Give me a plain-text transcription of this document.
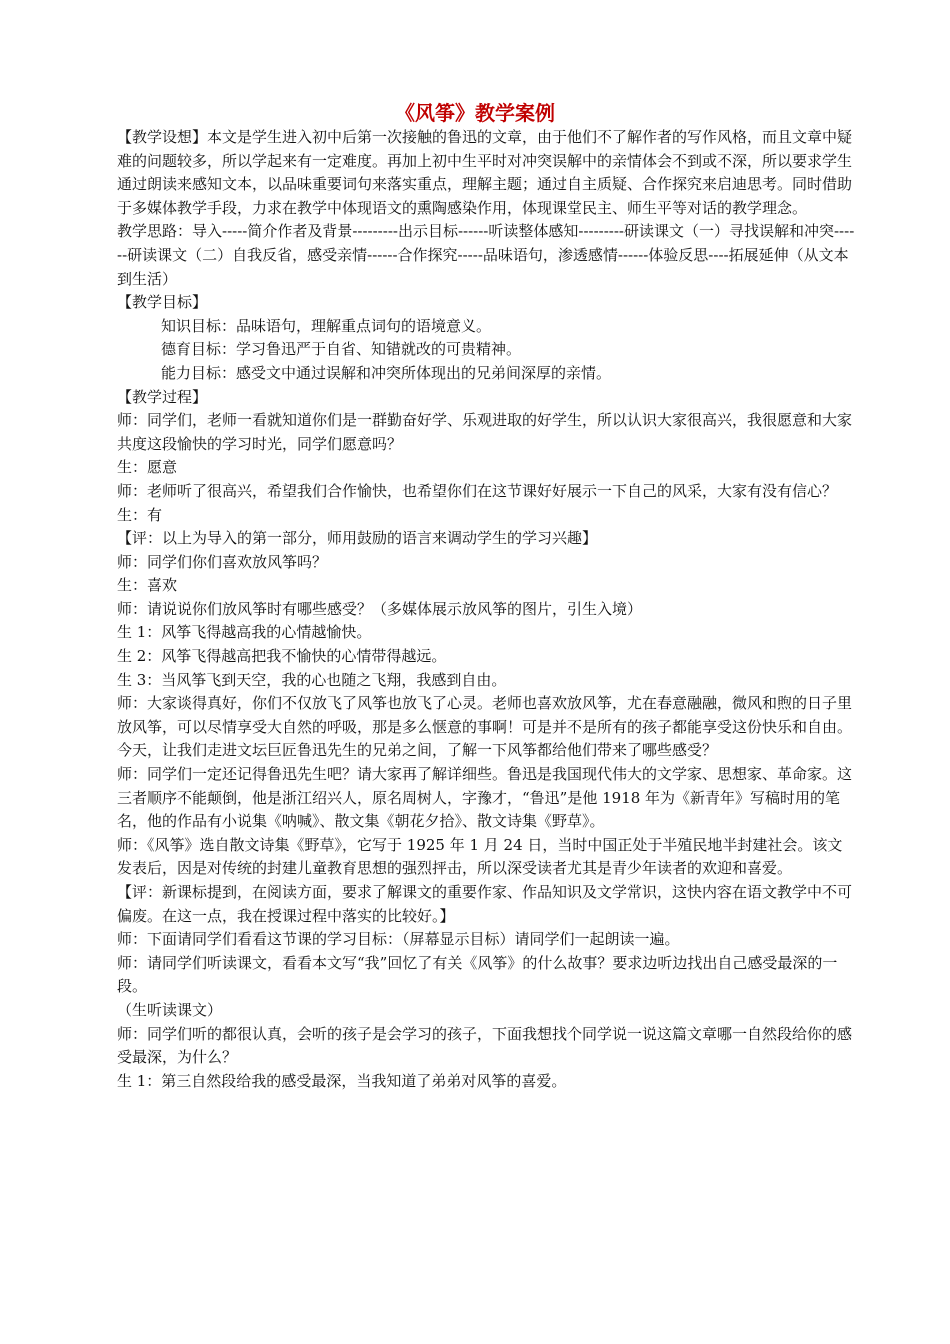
《风筝》教学案例

【教学设想】本文是学生进入初中后第一次接触的鲁迅的文章，由于他们不了解作者的写作风格，而且文章中疑难的问题较多，所以学起来有一定难度。再加上初中生平时对冲突误解中的亲情体会不到或不深，所以要求学生通过朗读来感知文本，以品味重要词句来落实重点，理解主题；通过自主质疑、合作探究来启迪思考。同时借助于多媒体教学手段，力求在教学中体现语文的熏陶感染作用，体现课堂民主、师生平等对话的教学理念。

教学思路：导入-----简介作者及背景---------出示目标------听读整体感知---------研读课文（一）寻找误解和冲突------研读课文（二）自我反省，感受亲情------合作探究-----品味语句，渗透感情------体验反思----拓展延伸（从文本到生活）

【教学目标】

知识目标：品味语句，理解重点词句的语境意义。

德育目标：学习鲁迅严于自省、知错就改的可贵精神。

能力目标：感受文中通过误解和冲突所体现出的兄弟间深厚的亲情。

【教学过程】

师：同学们，老师一看就知道你们是一群勤奋好学、乐观进取的好学生，所以认识大家很高兴，我很愿意和大家共度这段愉快的学习时光，同学们愿意吗？

生：愿意

师：老师听了很高兴，希望我们合作愉快，也希望你们在这节课好好展示一下自己的风采，大家有没有信心？

生：有

【评：以上为导入的第一部分，师用鼓励的语言来调动学生的学习兴趣】

师：同学们你们喜欢放风筝吗？

生：喜欢

师：请说说你们放风筝时有哪些感受？（多媒体展示放风筝的图片，引生入境）

生 1：风筝飞得越高我的心情越愉快。

生 2：风筝飞得越高把我不愉快的心情带得越远。

生 3：当风筝飞到天空，我的心也随之飞翔，我感到自由。

师：大家谈得真好，你们不仅放飞了风筝也放飞了心灵。老师也喜欢放风筝，尤在春意融融，微风和煦的日子里放风筝，可以尽情享受大自然的呼吸，那是多么惬意的事啊！可是并不是所有的孩子都能享受这份快乐和自由。今天，让我们走进文坛巨匠鲁迅先生的兄弟之间，了解一下风筝都给他们带来了哪些感受？

师：同学们一定还记得鲁迅先生吧？请大家再了解详细些。鲁迅是我国现代伟大的文学家、思想家、革命家。这三者顺序不能颠倒，他是浙江绍兴人，原名周树人，字豫才，“鲁迅”是他 1918 年为《新青年》写稿时用的笔名，他的作品有小说集《呐喊》、散文集《朝花夕拾》、散文诗集《野草》。

师：《风筝》选自散文诗集《野草》，它写于 1925 年 1 月 24 日，当时中国正处于半殖民地半封建社会。该文发表后，因是对传统的封建儿童教育思想的强烈抨击，所以深受读者尤其是青少年读者的欢迎和喜爱。

【评：新课标提到，在阅读方面，要求了解课文的重要作家、作品知识及文学常识，这快内容在语文教学中不可偏废。在这一点，我在授课过程中落实的比较好。】

师：下面请同学们看看这节课的学习目标：（屏幕显示目标）请同学们一起朗读一遍。

师：请同学们听读课文，看看本文写“我”回忆了有关《风筝》的什么故事？要求边听边找出自己感受最深的一段。

（生听读课文）

师：同学们听的都很认真，会听的孩子是会学习的孩子，下面我想找个同学说一说这篇文章哪一自然段给你的感受最深，为什么？

生 1：第三自然段给我的感受最深，当我知道了弟弟对风筝的喜爱。
